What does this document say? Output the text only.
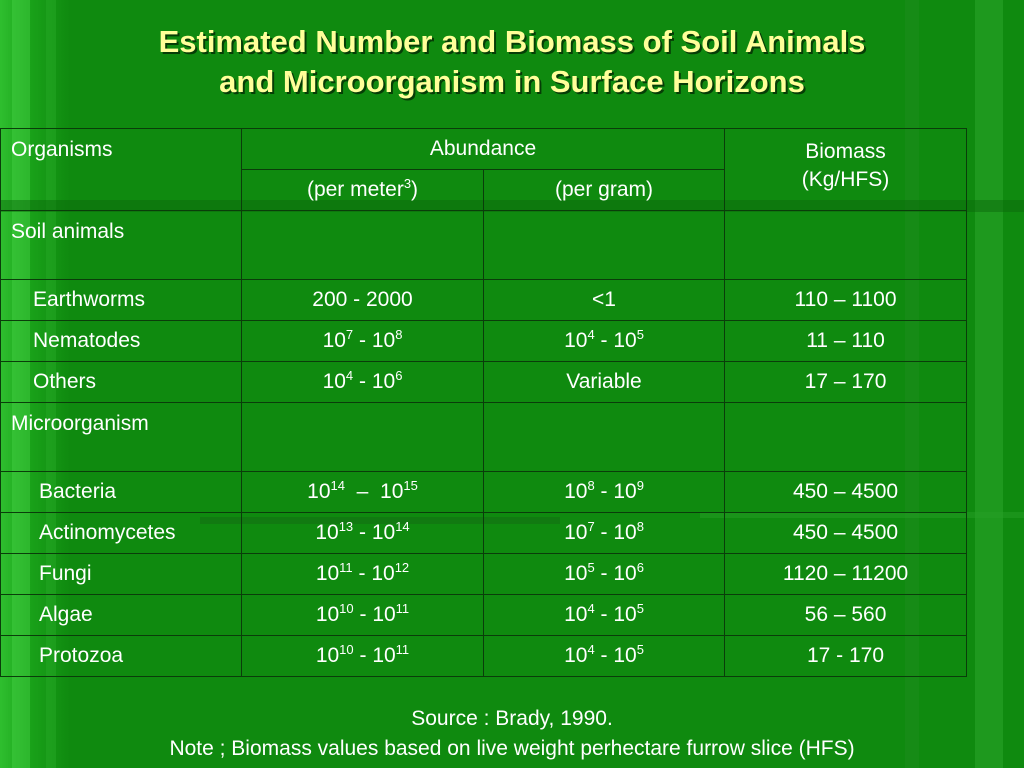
Estimated Number and Biomass of Soil Animals
and Microorganism in Surface Horizons
Organisms	Abundance		Biomass
(Kg/HFS)
	(per meter$^3$)	(per gram)	
Soil animals			
Earthworms	200 - 2000	<1	110 – 1100
Nematodes	$10^7 - 10^8$	$10^4 - 10^5$	11 – 110
Others	$10^4 - 10^6$	Variable	17 – 170
Microorganism			
Bacteria	$10^{14} - 10^{15}$	$10^8 - 10^9$	450 – 4500
Actinomycetes	$10^{13} - 10^{14}$	$10^7 - 10^8$	450 – 4500
Fungi	$10^{11} - 10^{12}$	$10^5 - 10^6$	1120 – 11200
Algae	$10^{10} - 10^{11}$	$10^4 - 10^5$	56 – 560
Protozoa	$10^{10} - 10^{11}$	$10^4 - 10^5$	17 - 170
Source : Brady, 1990.
Note ; Biomass values based on live weight perhectare furrow slice (HFS)
